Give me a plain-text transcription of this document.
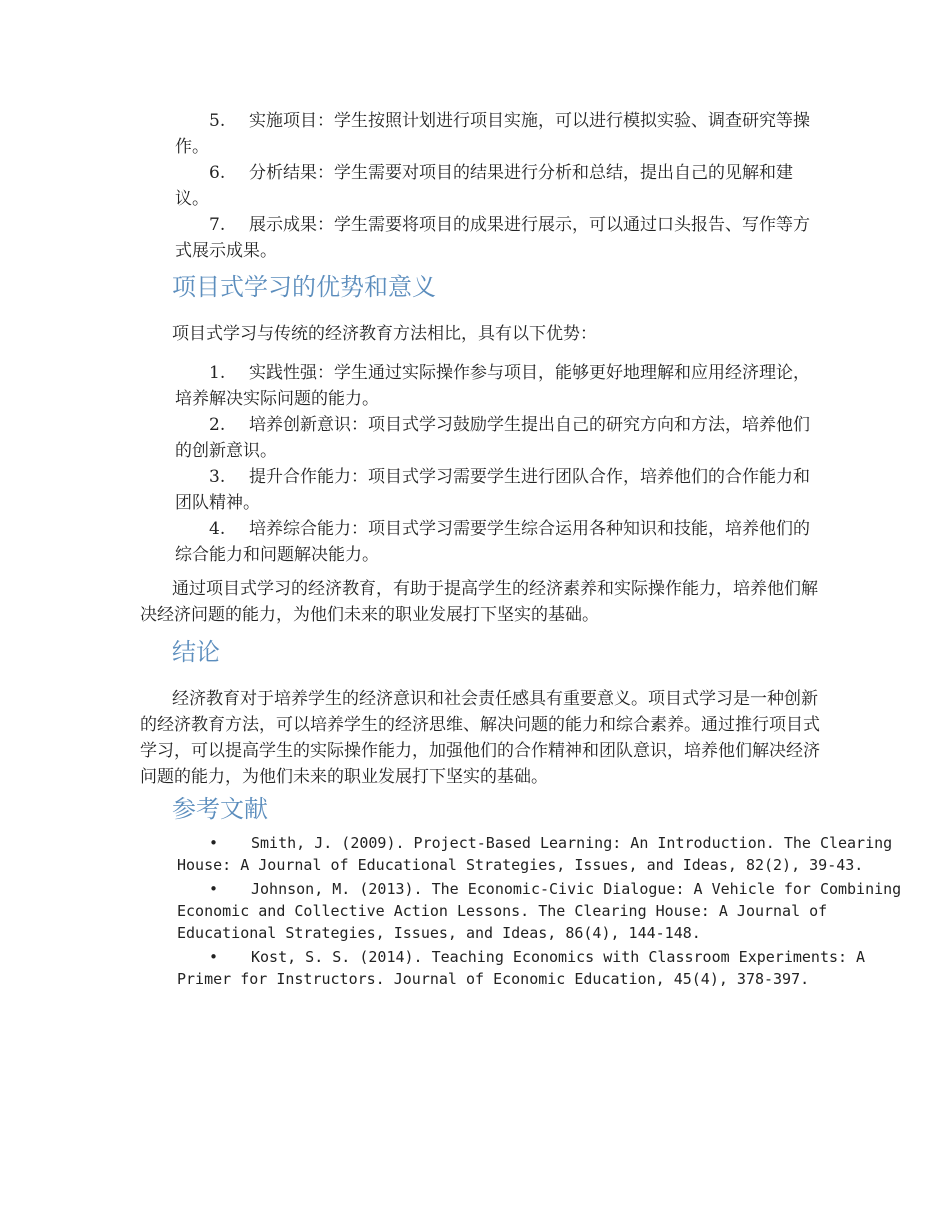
5. 实施项目：学生按照计划进行项目实施，可以进行模拟实验、调查研究等操作。
6. 分析结果：学生需要对项目的结果进行分析和总结，提出自己的见解和建议。
7. 展示成果：学生需要将项目的成果进行展示，可以通过口头报告、写作等方式展示成果。
项目式学习的优势和意义
项目式学习与传统的经济教育方法相比，具有以下优势：
1. 实践性强：学生通过实际操作参与项目，能够更好地理解和应用经济理论，培养解决实际问题的能力。
2. 培养创新意识：项目式学习鼓励学生提出自己的研究方向和方法，培养他们的创新意识。
3. 提升合作能力：项目式学习需要学生进行团队合作，培养他们的合作能力和团队精神。
4. 培养综合能力：项目式学习需要学生综合运用各种知识和技能，培养他们的综合能力和问题解决能力。
通过项目式学习的经济教育，有助于提高学生的经济素养和实际操作能力，培养他们解决经济问题的能力，为他们未来的职业发展打下坚实的基础。
结论
经济教育对于培养学生的经济意识和社会责任感具有重要意义。项目式学习是一种创新的经济教育方法，可以培养学生的经济思维、解决问题的能力和综合素养。通过推行项目式学习，可以提高学生的实际操作能力，加强他们的合作精神和团队意识，培养他们解决经济问题的能力，为他们未来的职业发展打下坚实的基础。
参考文献
• Smith, J. (2009). Project-Based Learning: An Introduction. The Clearing House: A Journal of Educational Strategies, Issues, and Ideas, 82(2), 39-43.
• Johnson, M. (2013). The Economic-Civic Dialogue: A Vehicle for Combining Economic and Collective Action Lessons. The Clearing House: A Journal of Educational Strategies, Issues, and Ideas, 86(4), 144-148.
• Kost, S. S. (2014). Teaching Economics with Classroom Experiments: A Primer for Instructors. Journal of Economic Education, 45(4), 378-397.
